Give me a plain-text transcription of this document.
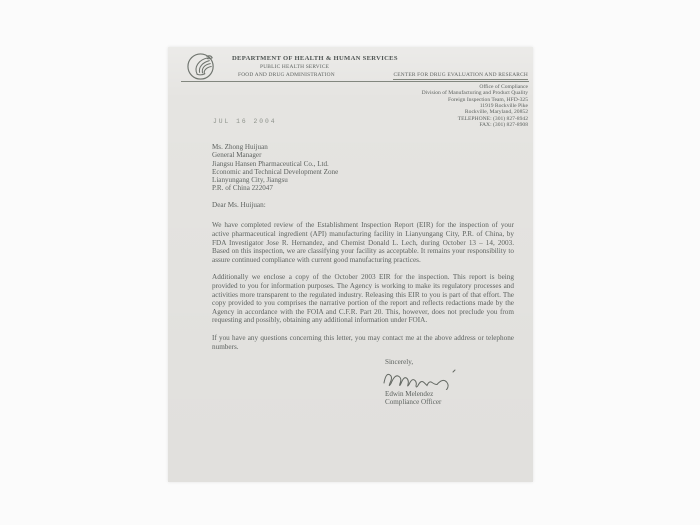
DEPARTMENT OF HEALTH & HUMAN SERVICES
PUBLIC HEALTH SERVICE
FOOD AND DRUG ADMINISTRATION	CENTER FOR DRUG EVALUATION AND RESEARCH
Office of Compliance
Division of Manufacturing and Product Quality
Foreign Inspection Team, HFD-325
11919 Rockville Pike
Rockville, Maryland, 20852
TELEPHONE: (301) 827-8942
FAX: (301) 827-8908
JUL 16 2004
Ms. Zhong Huijuan
General Manager
Jiangsu Hansen Pharmaceutical Co., Ltd.
Economic and Technical Development Zone
Lianyungang City, Jiangsu
P.R. of China 222047
Dear Ms. Huijuan:

We have completed review of the Establishment Inspection Report (EIR) for the inspection of your active pharmaceutical ingredient (API) manufacturing facility in Lianyungang City, P.R. of China, by FDA Investigator Jose R. Hernandez, and Chemist Donald L. Lech, during October 13 – 14, 2003. Based on this inspection, we are classifying your facility as acceptable. It remains your responsibility to assure continued compliance with current good manufacturing practices.

Additionally we enclose a copy of the October 2003 EIR for the inspection. This report is being provided to you for information purposes. The Agency is working to make its regulatory processes and activities more transparent to the regulated industry. Releasing this EIR to you is part of that effort. The copy provided to you comprises the narrative portion of the report and reflects redactions made by the Agency in accordance with the FOIA and C.F.R. Part 20. This, however, does not preclude you from requesting and possibly, obtaining any additional information under FOIA.

If you have any questions concerning this letter, you may contact me at the above address or telephone numbers.

Sincerely,
Edwin Melendez
Compliance Officer
